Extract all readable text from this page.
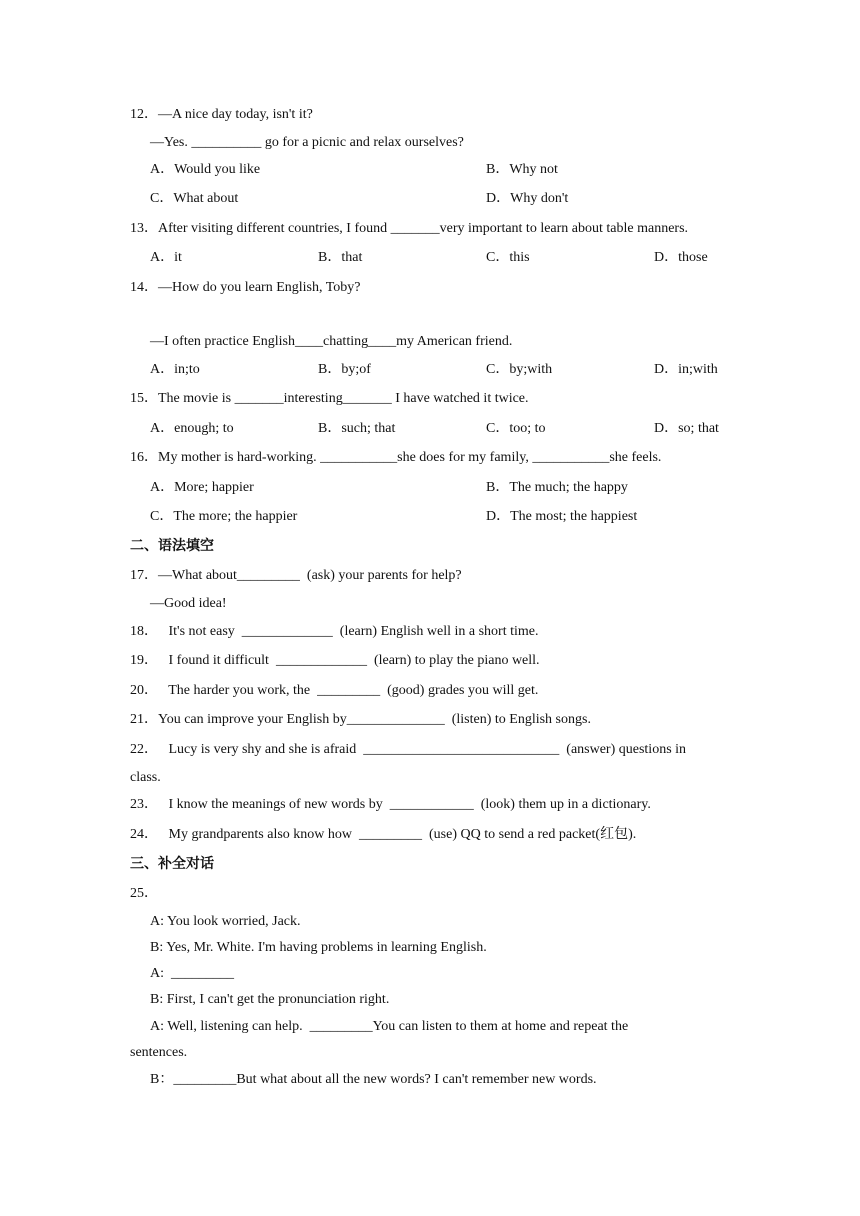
12．—A nice day today, isn't it?
—Yes. __________ go for a picnic and relax ourselves?
A．Would you like	B．Why not
C．What about	D．Why don't
13．After visiting different countries, I found _______very important to learn about table manners.
A．it	B．that	C．this	D．those
14．—How do you learn English, Toby?
—I often practice English____chatting____my American friend.
A．in;to	B．by;of	C．by;with	D．in;with
15．The movie is _______interesting_______ I have watched it twice.
A．enough; to	B．such; that	C．too; to	D．so; that
16．My mother is hard-working. ___________she does for my family, ___________she feels.
A．More; happier	B．The much; the happy
C．The more; the happier	D．The most; the happiest
二、语法填空
17．—What about_________  (ask) your parents for help?
—Good idea!
18．   It's not easy  _____________  (learn) English well in a short time.
19．   I found it difficult  _____________  (learn) to play the piano well.
20．   The harder you work, the  _________  (good) grades you will get.
21．You can improve your English by______________  (listen) to English songs.
22．   Lucy is very shy and she is afraid  ____________________________  (answer) questions in
class.
23．   I know the meanings of new words by  ____________  (look) them up in a dictionary.
24．   My grandparents also know how  _________  (use) QQ to send a red packet(红包).
三、补全对话
25．
A: You look worried, Jack.
B: Yes, Mr. White. I'm having problems in learning English.
A:  _________
B: First, I can't get the pronunciation right.
A: Well, listening can help.  _________You can listen to them at home and repeat the
sentences.
B：_________But what about all the new words? I can't remember new words.
